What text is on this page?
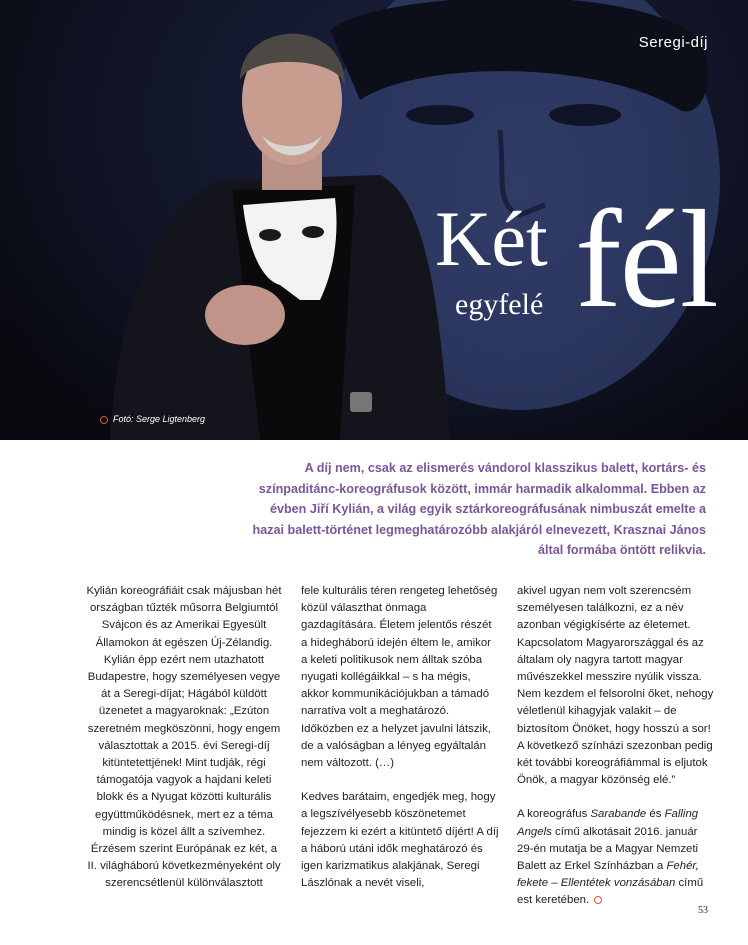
Seregi-díj
Két fél
egyfelé
Fotó: Serge Ligtenberg
A díj nem, csak az elismerés vándorol klasszikus balett, kortárs- és színpaditánc-koreográfusok között, immár harmadik alkalommal. Ebben az évben Jiří Kylián, a világ egyik sztárkoreográfusának nimbuszát emelte a hazai balett-történet legmeghatározóbb alakjáról elnevezett, Krasznai János által formába öntött relikvia.

Kylián koreográfiáit csak májusban hét országban tűzték műsorra Belgiumtól Svájcon és az Amerikai Egyesült Államokon át egészen Új-Zélandig. Kylián épp ezért nem utazhatott Budapestre, hogy személyesen vegye át a Seregi-díjat; Hágából küldött üzenetet a magyaroknak: „Ezúton szeretném megköszönni, hogy engem választottak a 2015. évi Seregi-díj kitüntetettjének! Mint tudják, régi támogatója vagyok a hajdani keleti blokk és a Nyugat közötti kulturális együttműködésnek, mert ez a téma mindig is közel állt a szívemhez. Érzésem szerint Európának ez két, a II. világháború következményeként oly szerencsétlenül különválasztott

fele kulturális téren rengeteg lehetőség közül választhat önmaga gazdagítására. Életem jelentős részét a hidegháború idején éltem le, amikor a keleti politikusok nem álltak szóba nyugati kollégáikkal – s ha mégis, akkor kommunikációjukban a támadó narratíva volt a meghatározó. Időközben ez a helyzet javulni látszik, de a valóságban a lényeg egyáltalán nem változott. (…)

Kedves barátaim, engedjék meg, hogy a legszívélyesebb köszönetemet fejezzem ki ezért a kitüntető díjért! A díj a háború utáni idők meghatározó és igen karizmatikus alakjának, Seregi Lászlónak a nevét viseli,

akivel ugyan nem volt szerencsém személyesen találkozni, ez a név azonban végigkísérte az életemet. Kapcsolatom Magyarországgal és az általam oly nagyra tartott magyar művészekkel messzire nyúlik vissza. Nem kezdem el felsorolni őket, nehogy véletlenül kihagyjak valakit – de biztosítom Önöket, hogy hosszú a sor! A következő színházi szezonban pedig két további koreográfiámmal is eljutok Önök, a magyar közönség elé.”

A koreográfus Sarabande és Falling Angels című alkotásait 2016. január 29-én mutatja be a Magyar Nemzeti Balett az Erkel Színházban a Fehér, fekete – Ellentétek vonzásában című est keretében.

53
